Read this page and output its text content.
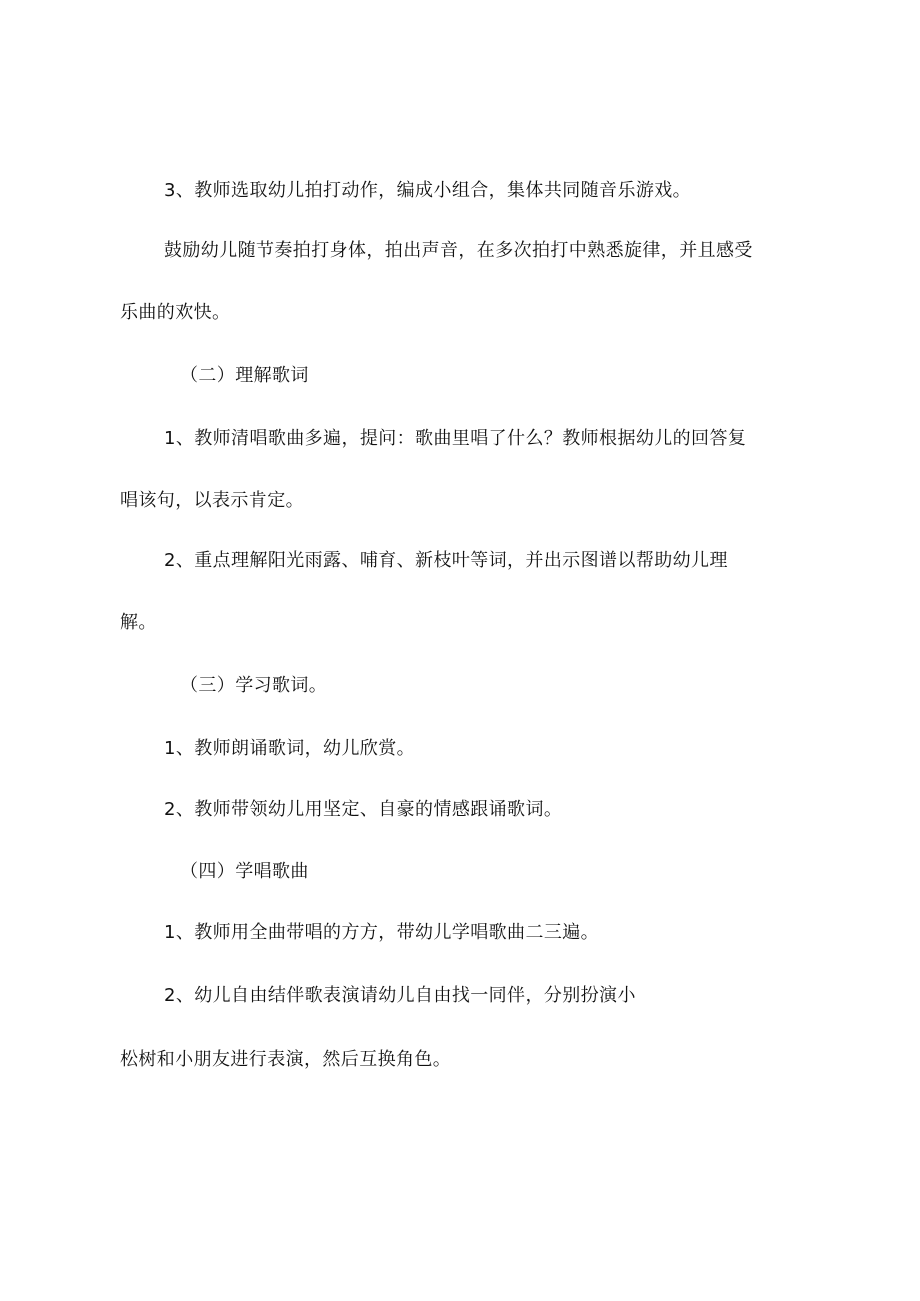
3、教师选取幼儿拍打动作，编成小组合，集体共同随音乐游戏。
鼓励幼儿随节奏拍打身体，拍出声音，在多次拍打中熟悉旋律，并且感受
乐曲的欢快。
（二）理解歌词
1、教师清唱歌曲多遍，提问：歌曲里唱了什么？教师根据幼儿的回答复
唱该句，以表示肯定。
2、重点理解阳光雨露、哺育、新枝叶等词，并出示图谱以帮助幼儿理
解。
（三）学习歌词。
1、教师朗诵歌词，幼儿欣赏。
2、教师带领幼儿用坚定、自豪的情感跟诵歌词。
（四）学唱歌曲
1、教师用全曲带唱的方方，带幼儿学唱歌曲二三遍。
2、幼儿自由结伴歌表演请幼儿自由找一同伴，分别扮演小
松树和小朋友进行表演，然后互换角色。
